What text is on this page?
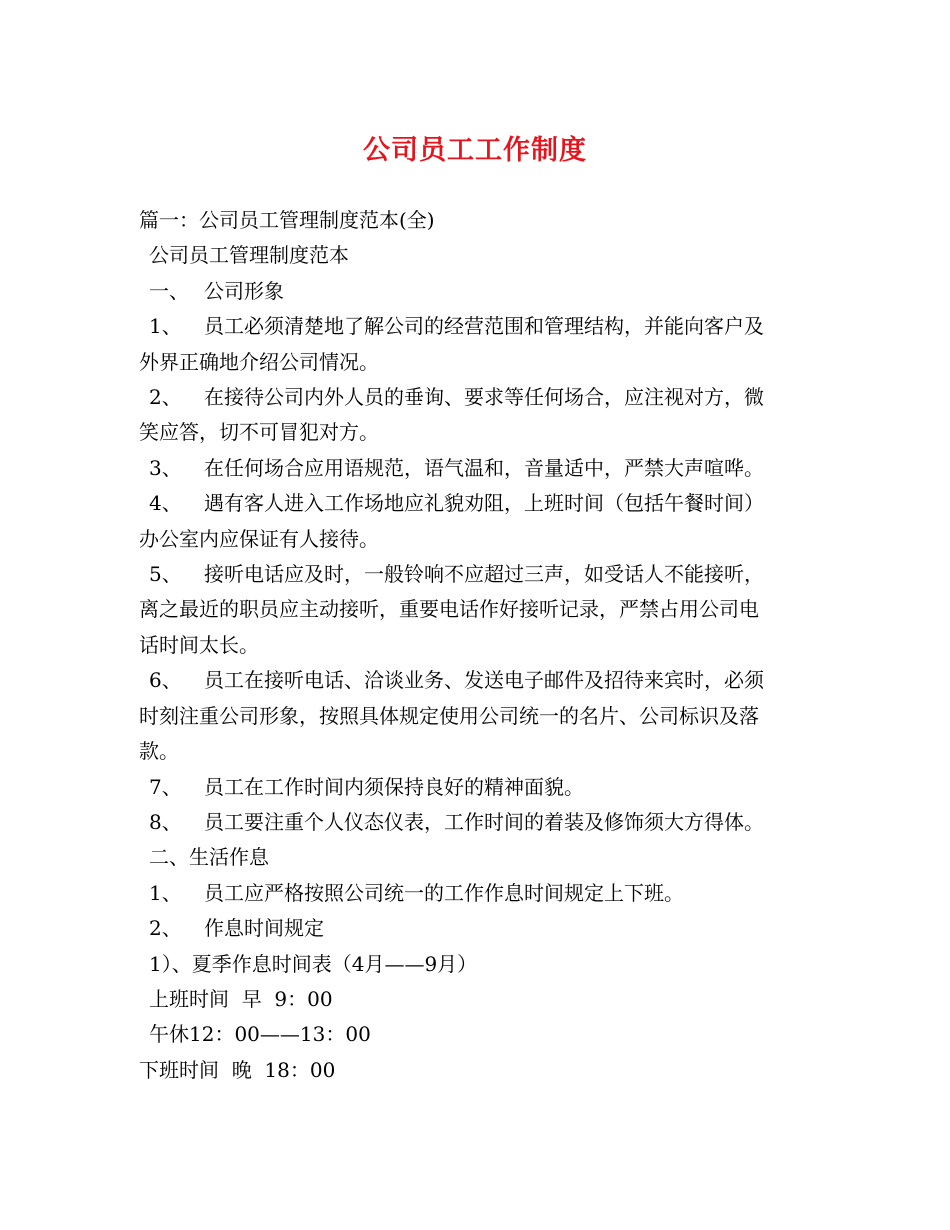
公司员工工作制度
篇一：公司员工管理制度范本(全)
公司员工管理制度范本
一、 公司形象
1、 员工必须清楚地了解公司的经营范围和管理结构，并能向客户及
外界正确地介绍公司情况。
2、 在接待公司内外人员的垂询、要求等任何场合，应注视对方，微
笑应答，切不可冒犯对方。
3、 在任何场合应用语规范，语气温和，音量适中，严禁大声喧哗。
4、 遇有客人进入工作场地应礼貌劝阻，上班时间（包括午餐时间）
办公室内应保证有人接待。
5、 接听电话应及时，一般铃响不应超过三声，如受话人不能接听，
离之最近的职员应主动接听，重要电话作好接听记录，严禁占用公司电
话时间太长。
6、 员工在接听电话、洽谈业务、发送电子邮件及招待来宾时，必须
时刻注重公司形象，按照具体规定使用公司统一的名片、公司标识及落
款。
7、 员工在工作时间内须保持良好的精神面貌。
8、 员工要注重个人仪态仪表，工作时间的着装及修饰须大方得体。
二、生活作息
1、 员工应严格按照公司统一的工作作息时间规定上下班。
2、 作息时间规定
1）、夏季作息时间表（4月——9月）
上班时间  早  9：00
午休12：00——13：00
下班时间  晚  18：00
